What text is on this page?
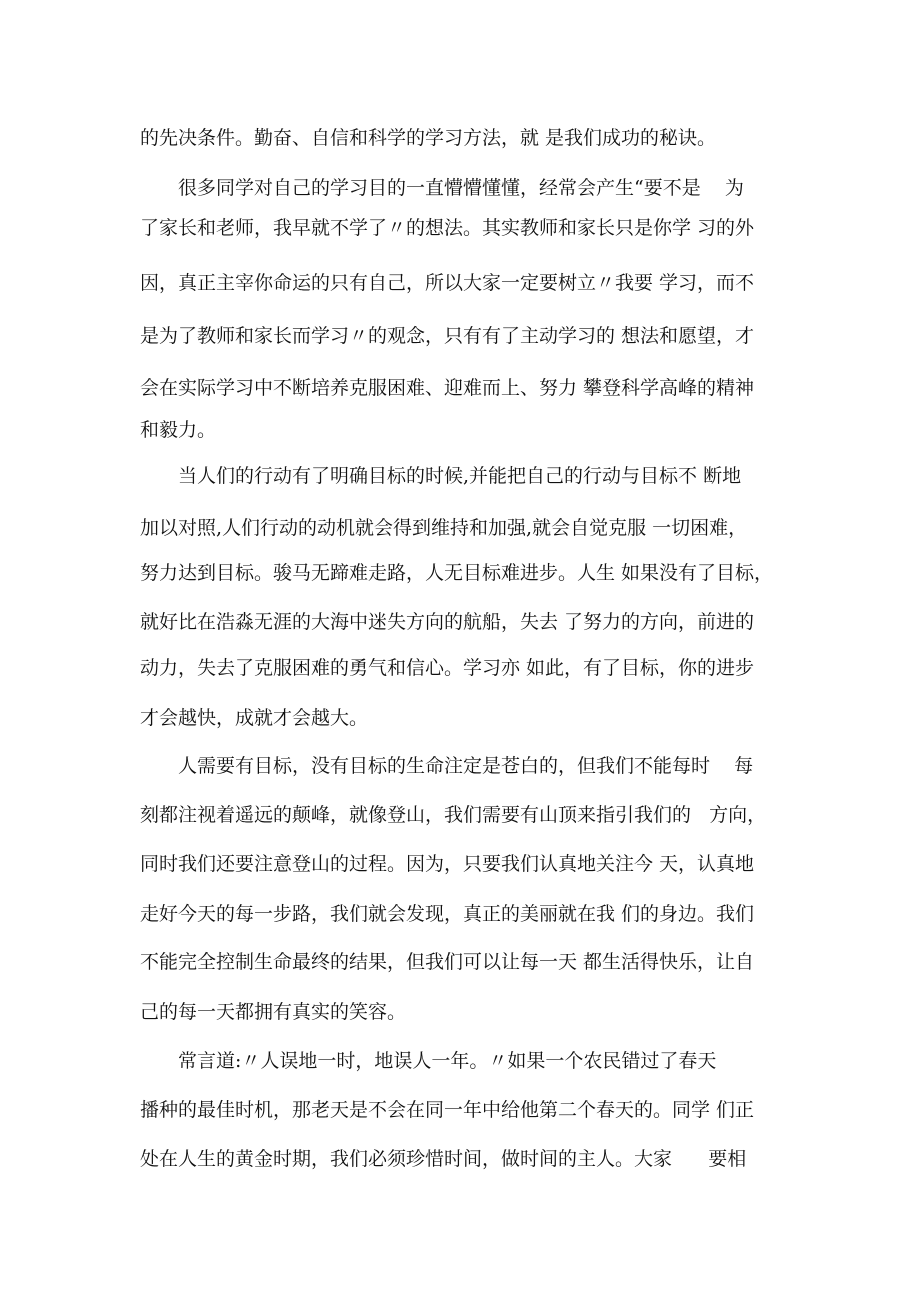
的先决条件。勤奋、自信和科学的学习方法，就 是我们成功的秘诀。
很多同学对自己的学习目的一直懵懵懂懂，经常会产生“要不是    为
了家长和老师，我早就不学了〃的想法。其实教师和家长只是你学 习的外
因，真正主宰你命运的只有自己，所以大家一定要树立〃我要 学习，而不
是为了教师和家长而学习〃的观念，只有有了主动学习的 想法和愿望，才
会在实际学习中不断培养克服困难、迎难而上、努力 攀登科学高峰的精神
和毅力。
当人们的行动有了明确目标的时候,并能把自己的行动与目标不 断地
加以对照,人们行动的动机就会得到维持和加强,就会自觉克服 一切困难，
努力达到目标。骏马无蹄难走路，人无目标难进步。人生 如果没有了目标，
就好比在浩淼无涯的大海中迷失方向的航船，失去 了努力的方向，前进的
动力，失去了克服困难的勇气和信心。学习亦 如此，有了目标，你的进步
才会越快，成就才会越大。
人需要有目标，没有目标的生命注定是苍白的，但我们不能每时    每
刻都注视着遥远的颠峰，就像登山，我们需要有山顶来指引我们的   方向，
同时我们还要注意登山的过程。因为，只要我们认真地关注今 天，认真地
走好今天的每一步路，我们就会发现，真正的美丽就在我 们的身边。我们
不能完全控制生命最终的结果，但我们可以让每一天 都生活得快乐，让自
己的每一天都拥有真实的笑容。
常言道:〃人误地一时，地误人一年。〃如果一个农民错过了春天
播种的最佳时机，那老天是不会在同一年中给他第二个春天的。同学 们正
处在人生的黄金时期，我们必须珍惜时间，做时间的主人。大家      要相
